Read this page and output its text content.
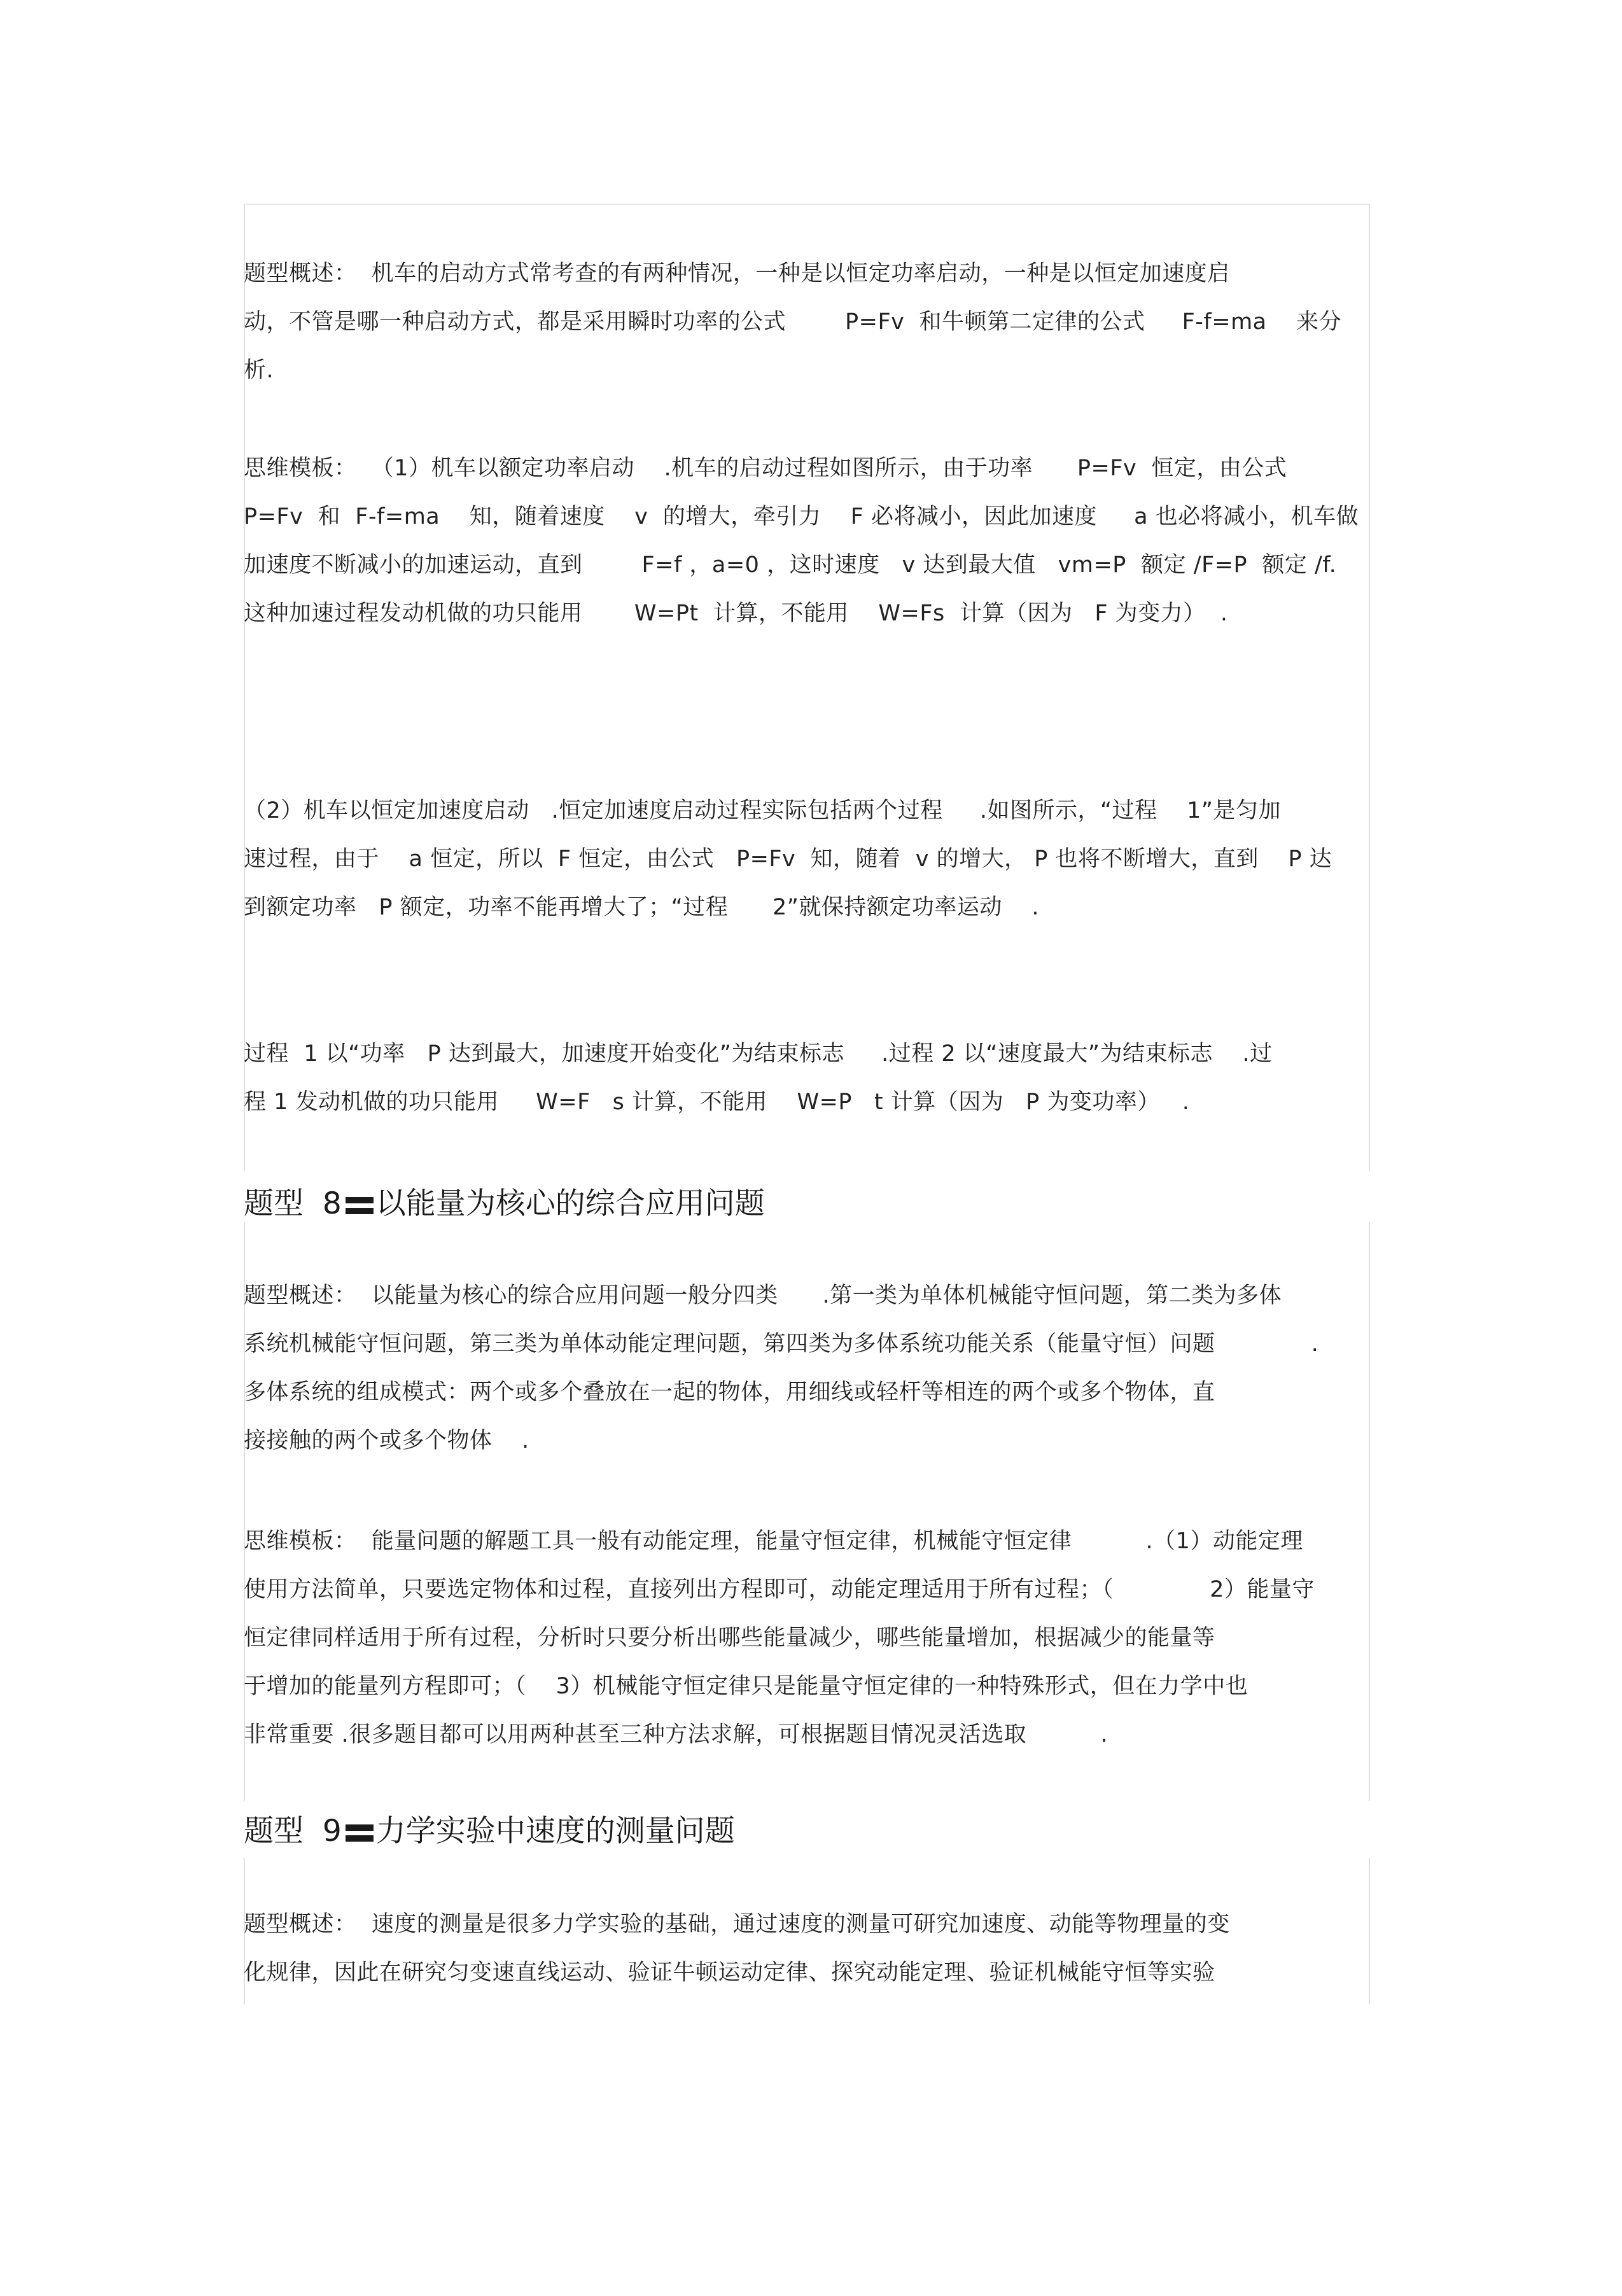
题型概述：  机车的启动方式常考查的有两种情况，一种是以恒定功率启动，一种是以恒定加速度启
动，不管是哪一种启动方式，都是采用瞬时功率的公式        P=Fv  和牛顿第二定律的公式     F-f=ma    来分
析.
思维模板：  （1）机车以额定功率启动    .机车的启动过程如图所示，由于功率      P=Fv  恒定，由公式
P=Fv  和  F-f=ma    知，随着速度    v  的增大，牵引力    F 必将减小，因此加速度     a 也必将减小，机车做
加速度不断减小的加速运动，直到        F=f ，a=0 ，这时速度   v 达到最大值   vm=P  额定 /F=P  额定 /f.
这种加速过程发动机做的功只能用       W=Pt  计算，不能用    W=Fs  计算（因为   F 为变力）  .
（2）机车以恒定加速度启动   .恒定加速度启动过程实际包括两个过程     .如图所示，“过程    1”是匀加
速过程，由于    a 恒定，所以  F 恒定，由公式   P=Fv  知，随着  v 的增大， P 也将不断增大，直到    P 达
到额定功率   P 额定，功率不能再增大了；“过程      2”就保持额定功率运动    .
过程  1 以“功率   P 达到最大，加速度开始变化”为结束标志     .过程 2 以“速度最大”为结束标志    .过
程 1 发动机做的功只能用     W=F   s 计算，不能用    W=P   t 计算（因为   P 为变功率）   .
题型  8 以能量为核心的综合应用问题
题型概述：  以能量为核心的综合应用问题一般分四类      .第一类为单体机械能守恒问题，第二类为多体
系统机械能守恒问题，第三类为单体动能定理问题，第四类为多体系统功能关系（能量守恒）问题             .
多体系统的组成模式：两个或多个叠放在一起的物体，用细线或轻杆等相连的两个或多个物体，直
接接触的两个或多个物体    .
思维模板：  能量问题的解题工具一般有动能定理，能量守恒定律，机械能守恒定律          .（1）动能定理
使用方法简单，只要选定物体和过程，直接列出方程即可，动能定理适用于所有过程；（             2）能量守
恒定律同样适用于所有过程，分析时只要分析出哪些能量减少，哪些能量增加，根据减少的能量等
于增加的能量列方程即可；（    3）机械能守恒定律只是能量守恒定律的一种特殊形式，但在力学中也
非常重要 .很多题目都可以用两种甚至三种方法求解，可根据题目情况灵活选取          .
题型  9 力学实验中速度的测量问题
题型概述：  速度的测量是很多力学实验的基础，通过速度的测量可研究加速度、动能等物理量的变
化规律，因此在研究匀变速直线运动、验证牛顿运动定律、探究动能定理、验证机械能守恒等实验
